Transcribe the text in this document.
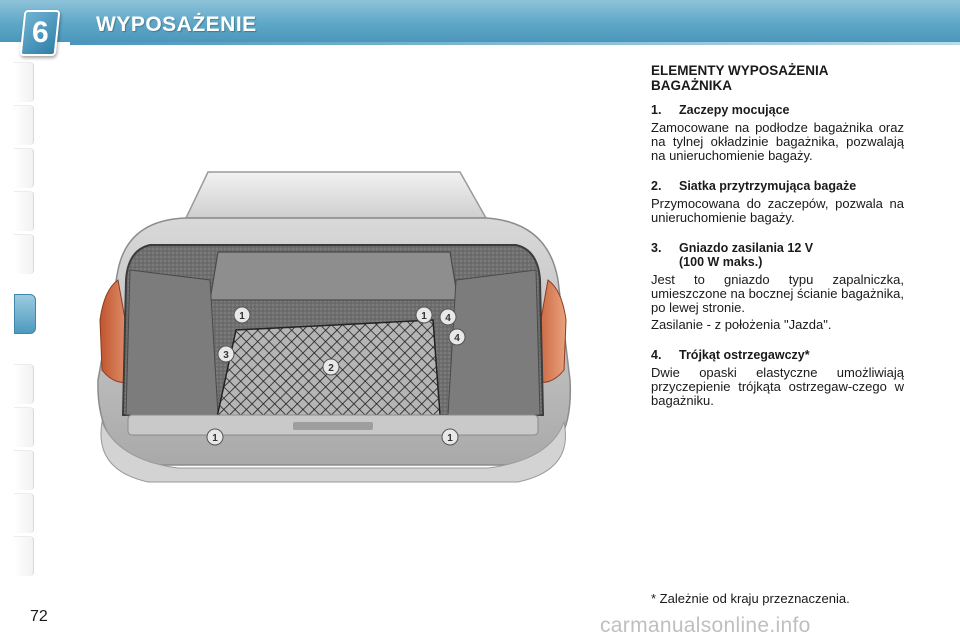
6 WYPOSAŻENIE
1	1 4
3
4
2
1	1
ELEMENTY WYPOSAŻENIA BAGAŻNIKA
1.	Zaczepy mocujące
Zamocowane na podłodze bagażnika oraz na tylnej okładzinie bagażnika, pozwalają na unieruchomienie bagaży.
2.	Siatka przytrzymująca bagaże
Przymocowana do zaczepów, pozwala na unieruchomienie bagaży.
3.	Gniazdo zasilania 12 V
(100 W maks.)
Jest to gniazdo typu zapalniczka, umieszczone na bocznej ścianie bagażnika, po lewej stronie.
Zasilanie - z położenia "Jazda".
4.	Trójkąt ostrzegawczy*
Dwie opaski elastyczne umożliwiają przyczepienie trójkąta ostrzegaw-czego w bagażniku.
* Zależnie od kraju przeznaczenia.
72	carmanualsonline.info
